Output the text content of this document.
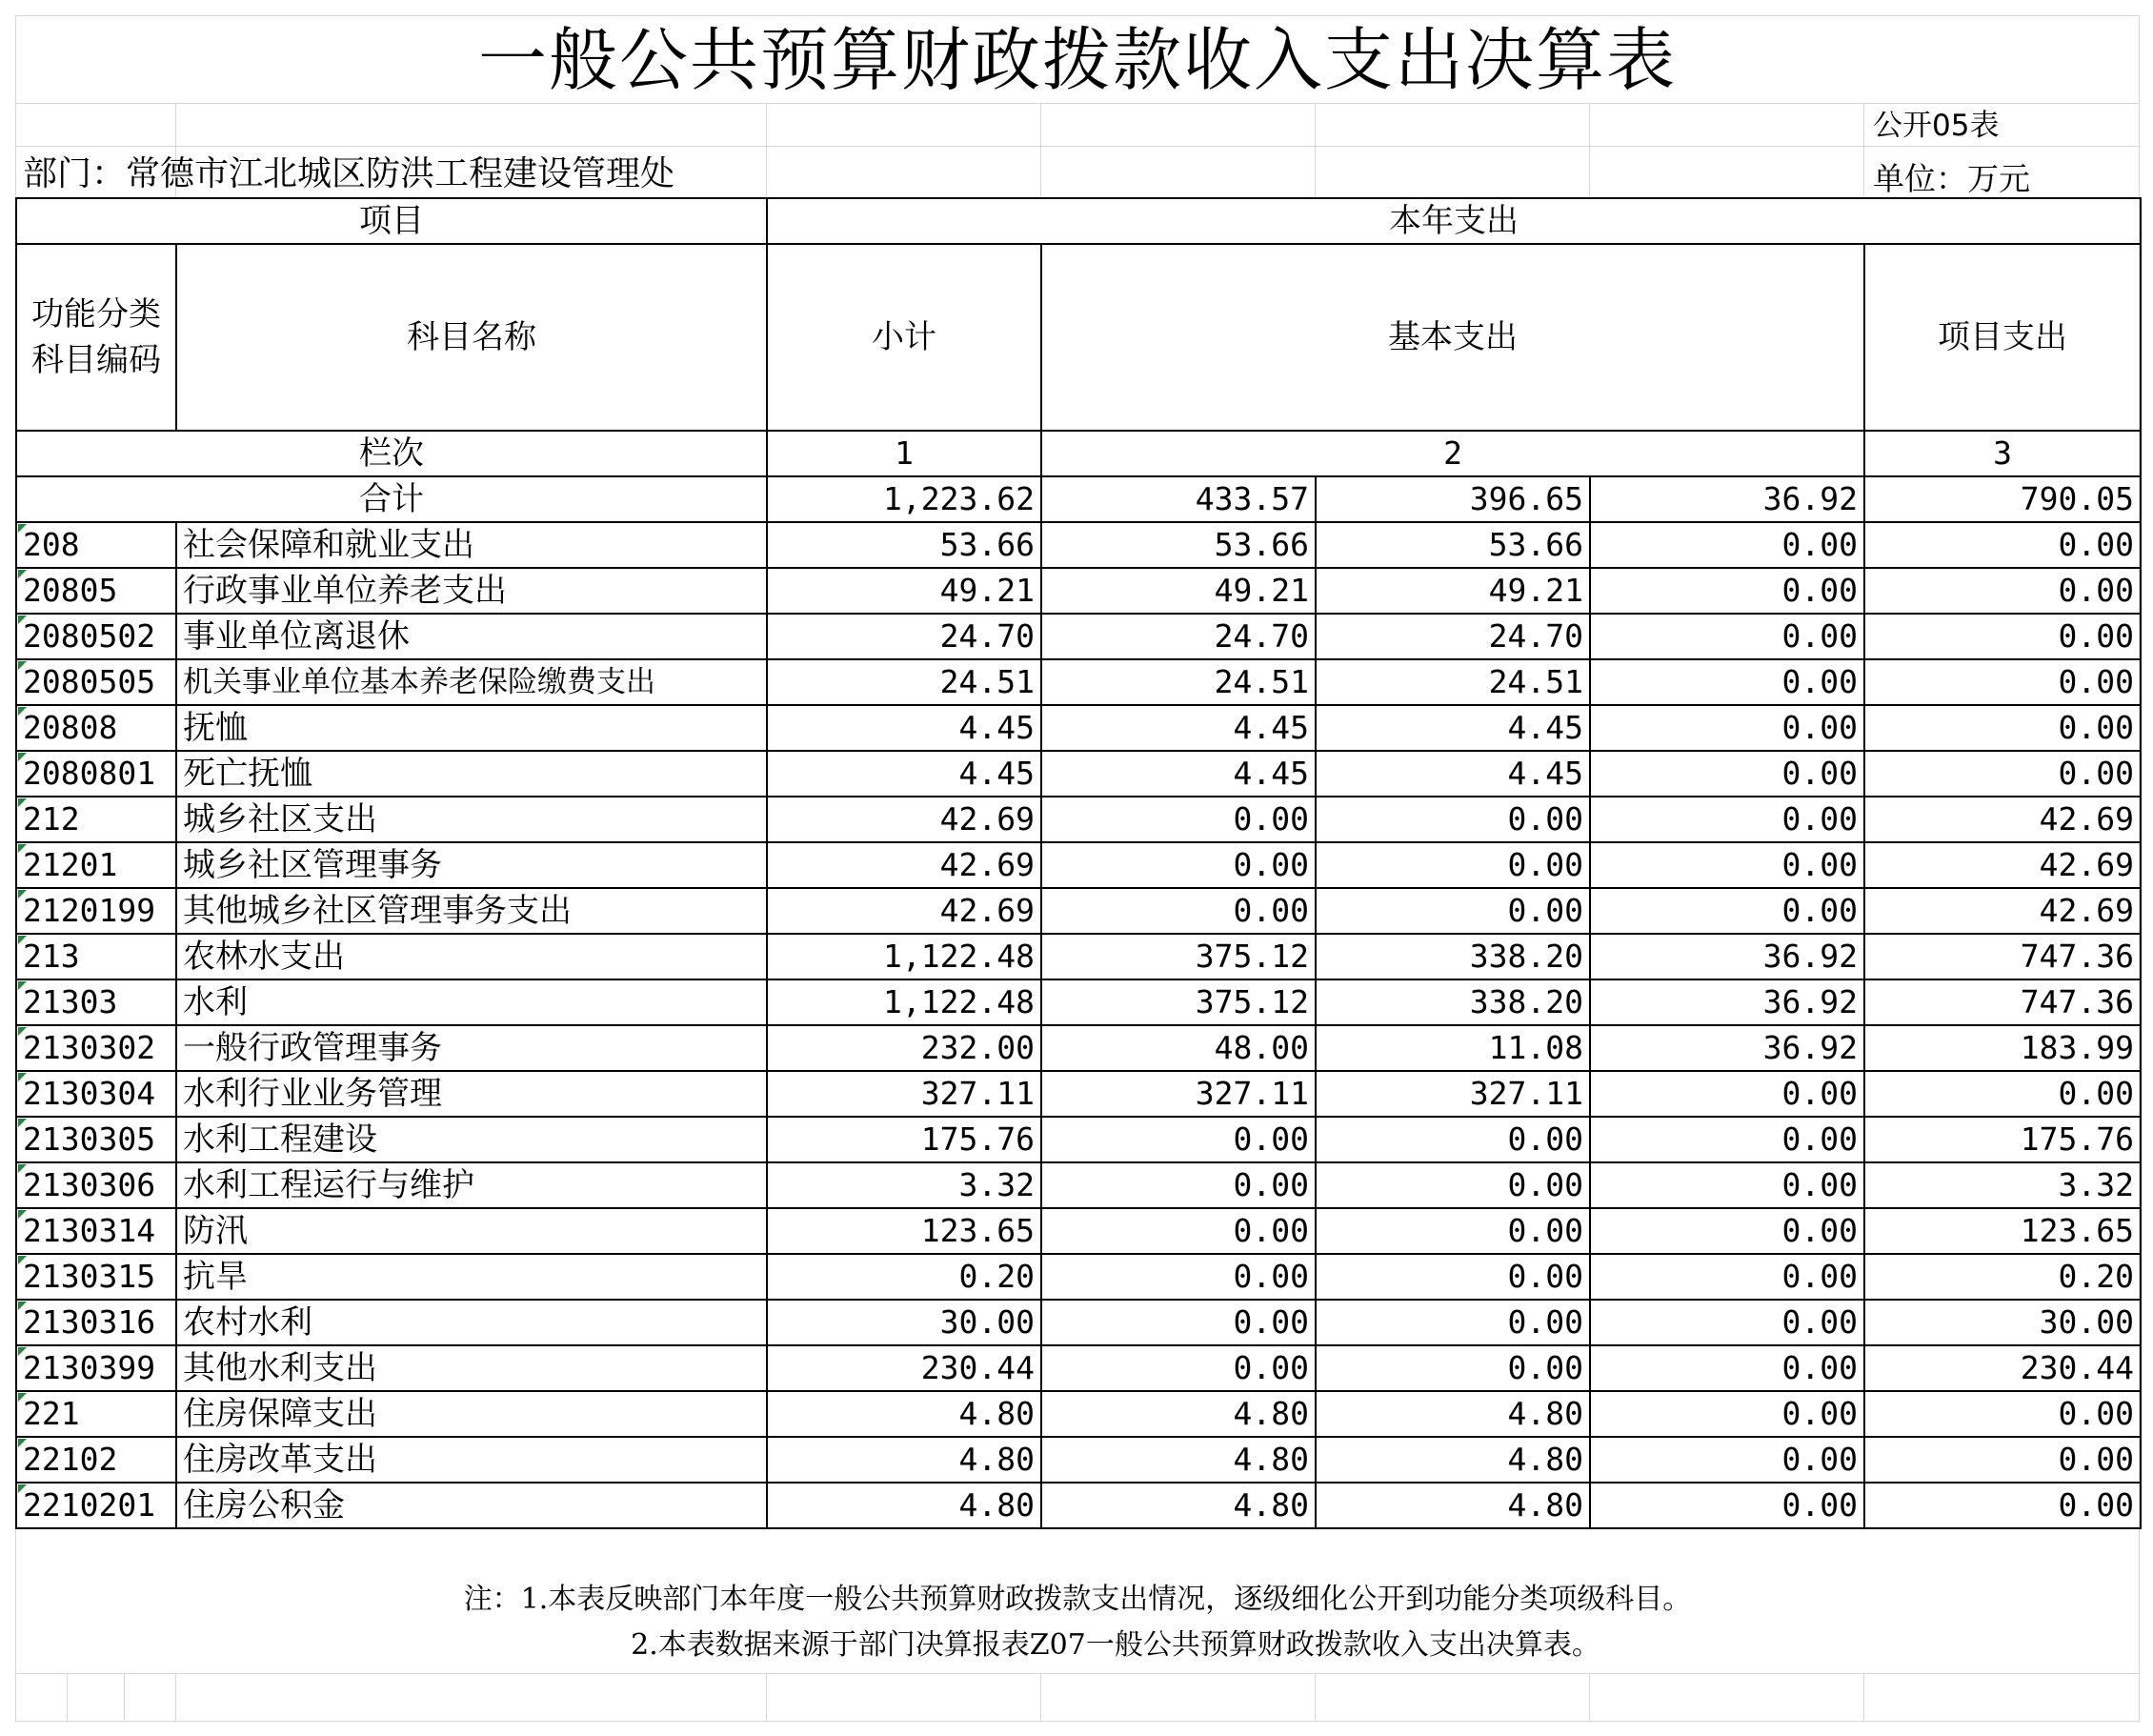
一般公共预算财政拨款收入支出决算表
公开05表
部门：常德市江北城区防洪工程建设管理处	单位：万元
项目		本年支出				
功能分类
科目编码	科目名称	小计	基本支出			项目支出
栏次		1	2			3
合计		1,223.62	433.57	396.65	36.92	790.05
208	社会保障和就业支出	53.66	53.66	53.66	0.00	0.00
20805	行政事业单位养老支出	49.21	49.21	49.21	0.00	0.00
2080502	事业单位离退休	24.70	24.70	24.70	0.00	0.00
2080505	机关事业单位基本养老保险缴费支出	24.51	24.51	24.51	0.00	0.00
20808	抚恤	4.45	4.45	4.45	0.00	0.00
2080801	死亡抚恤	4.45	4.45	4.45	0.00	0.00
212	城乡社区支出	42.69	0.00	0.00	0.00	42.69
21201	城乡社区管理事务	42.69	0.00	0.00	0.00	42.69
2120199	其他城乡社区管理事务支出	42.69	0.00	0.00	0.00	42.69
213	农林水支出	1,122.48	375.12	338.20	36.92	747.36
21303	水利	1,122.48	375.12	338.20	36.92	747.36
2130302	一般行政管理事务	232.00	48.00	11.08	36.92	183.99
2130304	水利行业业务管理	327.11	327.11	327.11	0.00	0.00
2130305	水利工程建设	175.76	0.00	0.00	0.00	175.76
2130306	水利工程运行与维护	3.32	0.00	0.00	0.00	3.32
2130314	防汛	123.65	0.00	0.00	0.00	123.65
2130315	抗旱	0.20	0.00	0.00	0.00	0.20
2130316	农村水利	30.00	0.00	0.00	0.00	30.00
2130399	其他水利支出	230.44	0.00	0.00	0.00	230.44
221	住房保障支出	4.80	4.80	4.80	0.00	0.00
22102	住房改革支出	4.80	4.80	4.80	0.00	0.00
2210201	住房公积金	4.80	4.80	4.80	0.00	0.00
注：1.本表反映部门本年度一般公共预算财政拨款支出情况，逐级细化公开到功能分类项级科目。
2.本表数据来源于部门决算报表Z07一般公共预算财政拨款收入支出决算表。
